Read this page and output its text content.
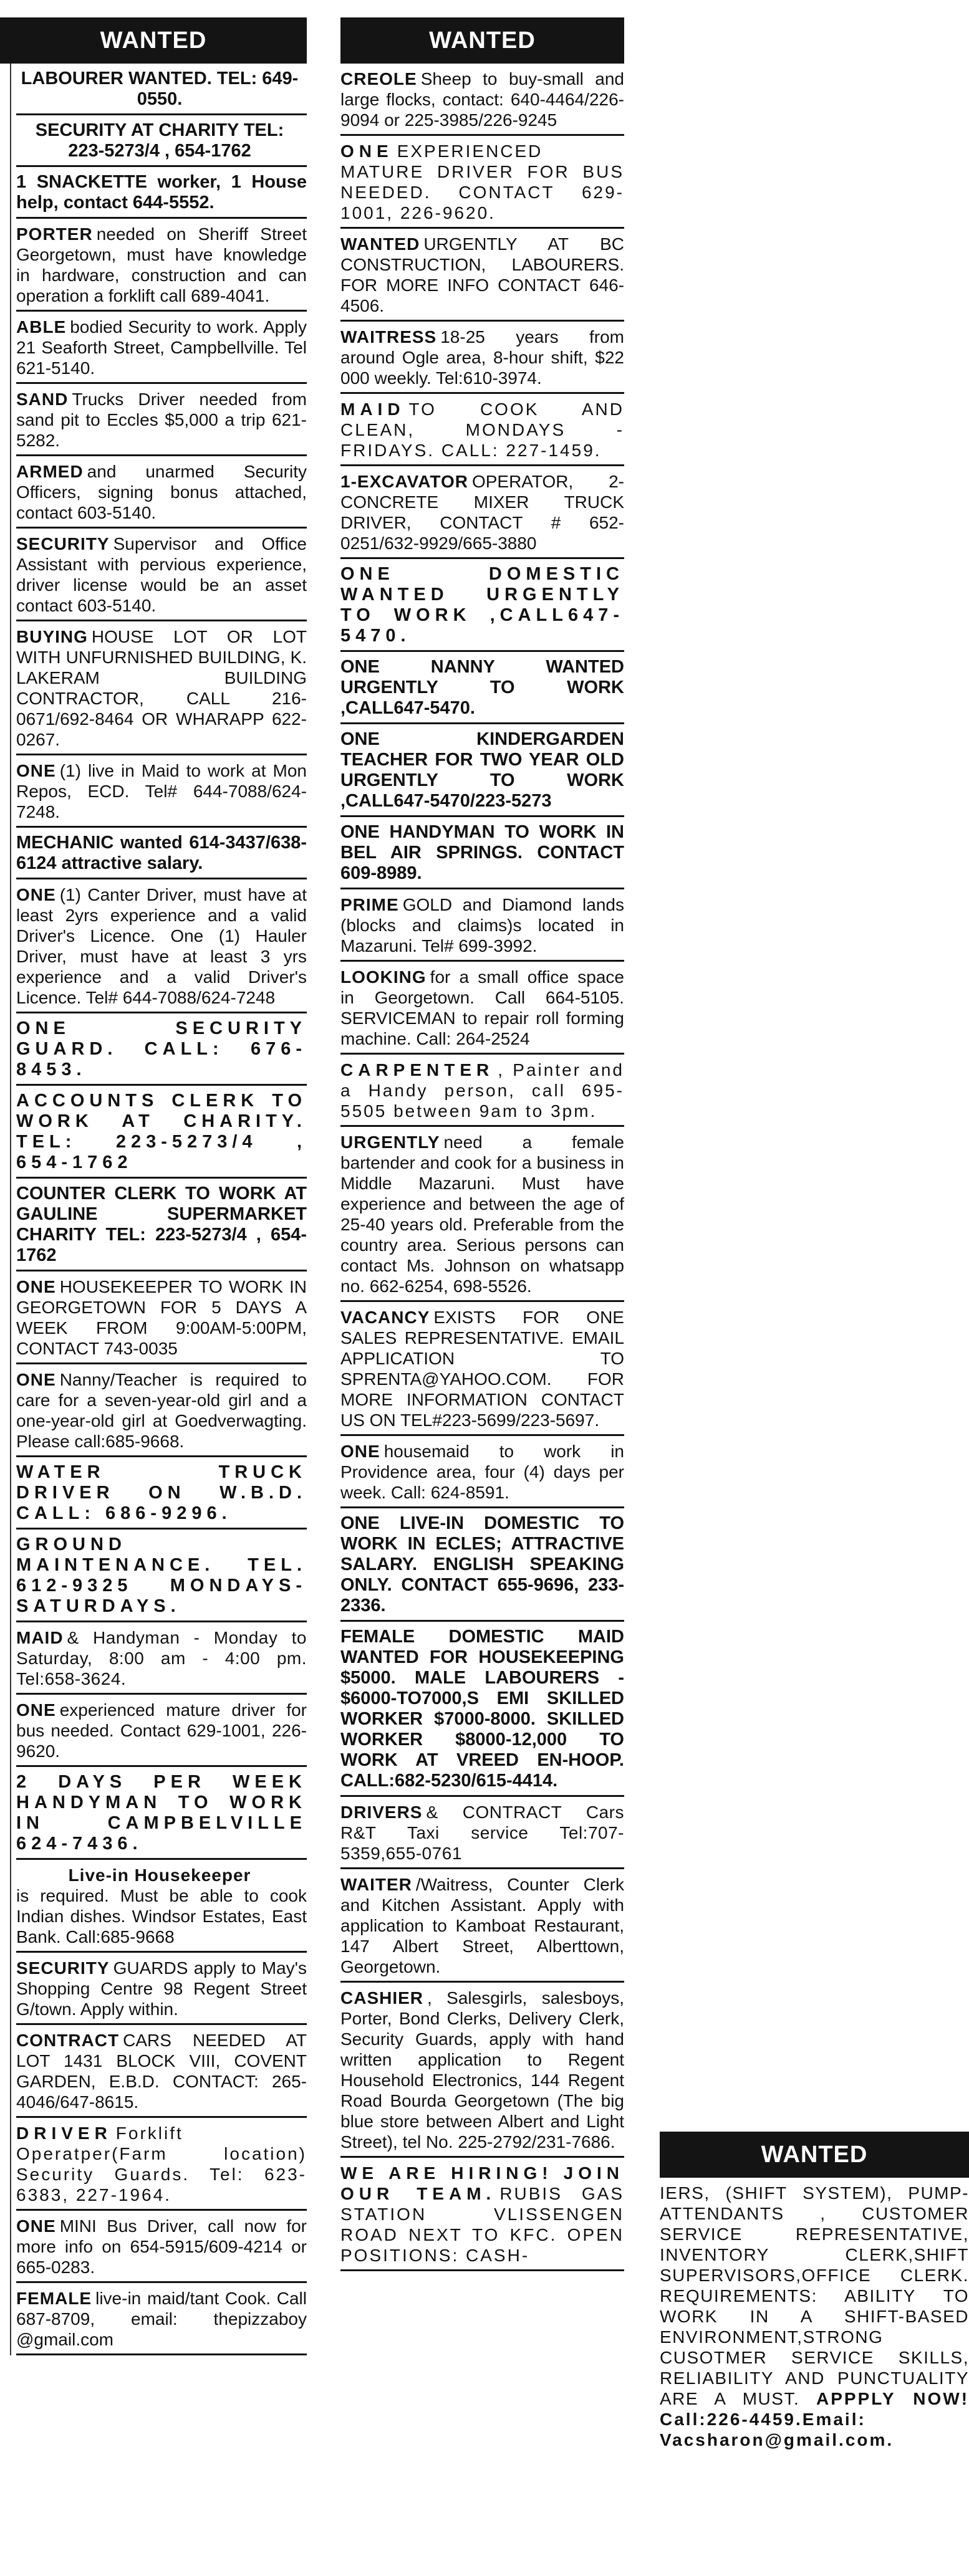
WANTED
LABOURER WANTED. TEL: 649-0550.
SECURITY AT CHARITY TEL: 223-5273/4 , 654-1762
1 SNACKETTE worker, 1 House help, contact 644-5552.
PORTER needed on Sheriff Street Georgetown, must have knowledge in hardware, construction and can operation a forklift call 689-4041.
ABLE bodied Security to work. Apply 21 Seaforth Street, Campbellville. Tel 621-5140.
SAND Trucks Driver needed from sand pit to Eccles $5,000 a trip 621-5282.
ARMED and unarmed Security Officers, signing bonus attached, contact 603-5140.
SECURITY Supervisor and Office Assistant with pervious experience, driver license would be an asset contact 603-5140.
BUYING HOUSE LOT OR LOT WITH UNFURNISHED BUILDING, K. LAKERAM BUILDING CONTRACTOR, CALL 216-0671/692-8464 OR WHARAPP 622-0267.
ONE (1) live in Maid to work at Mon Repos, ECD. Tel# 644-7088/624-7248.
MECHANIC wanted 614-3437/638-6124 attractive salary.
ONE (1) Canter Driver, must have at least 2yrs experience and a valid Driver's Licence. One (1) Hauler Driver, must have at least 3 yrs experience and a valid Driver's Licence. Tel# 644-7088/624-7248
ONE SECURITY GUARD. CALL: 676-8453.
ACCOUNTS CLERK TO WORK AT CHARITY. TEL: 223-5273/4 , 654-1762
COUNTER CLERK TO WORK AT GAULINE SUPERMARKET CHARITY TEL: 223-5273/4 , 654-1762
ONE HOUSEKEEPER TO WORK IN GEORGETOWN FOR 5 DAYS A WEEK FROM 9:00AM-5:00PM, CONTACT 743-0035
ONE Nanny/Teacher is required to care for a seven-year-old girl and a one-year-old girl at Goedverwagting. Please call:685-9668.
WATER TRUCK DRIVER ON W.B.D. CALL: 686-9296.
GROUND MAINTENANCE. TEL. 612-9325 MONDAYS-SATURDAYS.
MAID & Handyman - Monday to Saturday, 8:00 am - 4:00 pm. Tel:658-3624.
ONE experienced mature driver for bus needed. Contact 629-1001, 226-9620.
2 DAYS PER WEEK HANDYMAN TO WORK IN CAMPBELVILLE 624-7436.
Live-in Housekeeper
is required. Must be able to cook Indian dishes. Windsor Estates, East Bank. Call:685-9668
SECURITY GUARDS apply to May's Shopping Centre 98 Regent Street G/town. Apply within.
CONTRACT CARS NEEDED AT LOT 1431 BLOCK VIII, COVENT GARDEN, E.B.D. CONTACT: 265-4046/647-8615.
DRIVER Forklift Operatper(Farm location) Security Guards. Tel: 623-6383, 227-1964.
ONE MINI Bus Driver, call now for more info on 654-5915/609-4214 or 665-0283.
FEMALE live-in maid/tant Cook. Call 687-8709, email: thepizzaboy @gmail.com
WANTED
CREOLE Sheep to buy-small and large flocks, contact: 640-4464/226-9094 or 225-3985/226-9245
ONE EXPERIENCED MATURE DRIVER FOR BUS NEEDED. CONTACT 629-1001, 226-9620.
WANTED URGENTLY AT BC CONSTRUCTION, LABOURERS. FOR MORE INFO CONTACT 646-4506.
WAITRESS 18-25 years from around Ogle area, 8-hour shift, $22 000 weekly. Tel:610-3974.
MAID TO COOK AND CLEAN, MONDAYS - FRIDAYS. CALL: 227-1459.
1-EXCAVATOR OPERATOR, 2- CONCRETE MIXER TRUCK DRIVER, CONTACT # 652-0251/632-9929/665-3880
ONE DOMESTIC WANTED URGENTLY TO WORK ,CALL647-5470.
ONE NANNY WANTED URGENTLY TO WORK ,CALL647-5470.
ONE KINDERGARDEN TEACHER FOR TWO YEAR OLD URGENTLY TO WORK ,CALL647-5470/223-5273
ONE HANDYMAN TO WORK IN BEL AIR SPRINGS. CONTACT 609-8989.
PRIME GOLD and Diamond lands (blocks and claims)s located in Mazaruni. Tel# 699-3992.
LOOKING for a small office space in Georgetown. Call 664-5105. SERVICEMAN to repair roll forming machine. Call: 264-2524
CARPENTER , Painter and a Handy person, call 695-5505 between 9am to 3pm.
URGENTLY need a female bartender and cook for a business in Middle Mazaruni. Must have experience and between the age of 25-40 years old. Preferable from the country area. Serious persons can contact Ms. Johnson on whatsapp no. 662-6254, 698-5526.
VACANCY EXISTS FOR ONE SALES REPRESENTATIVE. EMAIL APPLICATION TO SPRENTA@YAHOO.COM. FOR MORE INFORMATION CONTACT US ON TEL#223-5699/223-5697.
ONE housemaid to work in Providence area, four (4) days per week. Call: 624-8591.
ONE LIVE-IN DOMESTIC TO WORK IN ECLES; ATTRACTIVE SALARY. ENGLISH SPEAKING ONLY. CONTACT 655-9696, 233-2336.
FEMALE DOMESTIC MAID WANTED FOR HOUSEKEEPING $5000. MALE LABOURERS - $6000-TO7000,S EMI SKILLED WORKER $7000-8000. SKILLED WORKER $8000-12,000 TO WORK AT VREED EN-HOOP. CALL:682-5230/615-4414.
DRIVERS & CONTRACT Cars R&T Taxi service Tel:707-5359,655-0761
WAITER /Waitress, Counter Clerk and Kitchen Assistant. Apply with application to Kamboat Restaurant, 147 Albert Street, Alberttown, Georgetown.
CASHIER , Salesgirls, salesboys, Porter, Bond Clerks, Delivery Clerk, Security Guards, apply with hand written application to Regent Household Electronics, 144 Regent Road Bourda Georgetown (The big blue store between Albert and Light Street), tel No. 225-2792/231-7686.
WE ARE HIRING! JOIN OUR TEAM. RUBIS GAS STATION VLISSENGEN ROAD NEXT TO KFC. OPEN POSITIONS: CASH-
WANTED
IERS, (SHIFT SYSTEM), PUMP-ATTENDANTS , CUSTOMER SERVICE REPRESENTATIVE, INVENTORY CLERK,SHIFT SUPERVISORS,OFFICE CLERK. REQUIREMENTS: ABILITY TO WORK IN A SHIFT-BASED ENVIRONMENT,STRONG CUSOTMER SERVICE SKILLS, RELIABILITY AND PUNCTUALITY ARE A MUST. APPPLY NOW! Call:226-4459.Email: Vacsharon@gmail.com.
